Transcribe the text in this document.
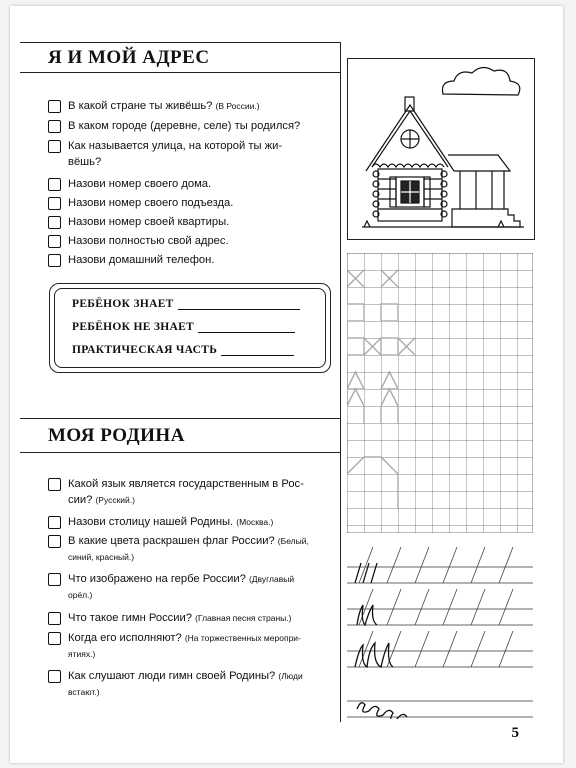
Я И МОЙ АДРЕС
В какой стране ты живёшь? (В России.)
В каком городе (деревне, селе) ты родился?
Как называется улица, на которой ты жи-
вёшь?
Назови номер своего дома.
Назови номер своего подъезда.
Назови номер своей квартиры.
Назови полностью свой адрес.
Назови домашний телефон.
РЕБЁНОК ЗНАЕТ
РЕБЁНОК НЕ ЗНАЕТ
ПРАКТИЧЕСКАЯ ЧАСТЬ
МОЯ РОДИНА
Какой язык является государственным в Рос-
сии? (Русский.)
Назови столицу нашей Родины. (Москва.)
В какие цвета раскрашен флаг России? (Белый,
синий, красный.)
Что изображено на гербе России? (Двуглавый
орёл.)
Что такое гимн России? (Главная песня страны.)
Когда его исполняют? (На торжественных меропри-
ятиях.)
Как слушают люди гимн своей Родины? (Люди
встают.)
5
